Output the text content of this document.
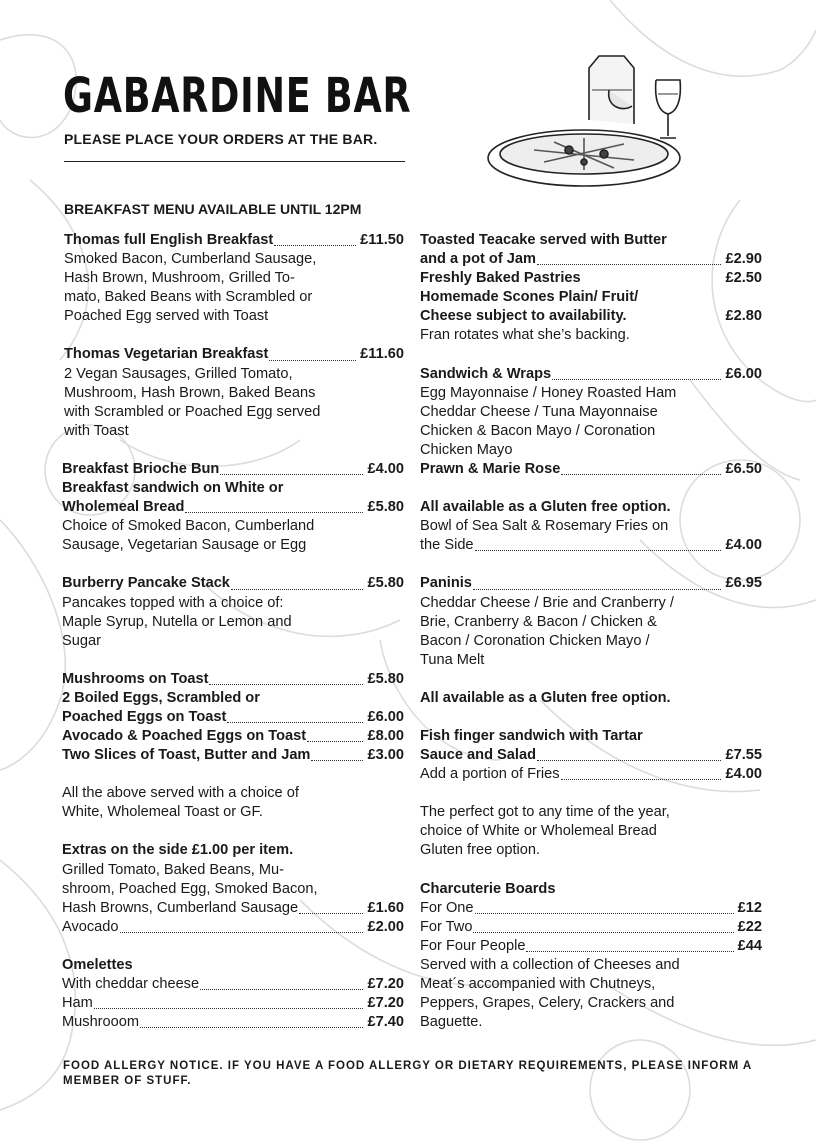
GABARDINE BAR
PLEASE PLACE YOUR ORDERS AT THE BAR.
BREAKFAST MENU AVAILABLE UNTIL 12PM
Thomas full English Breakfast	£11.50
Smoked Bacon, Cumberland Sausage,
Hash Brown, Mushroom, Grilled To-
mato, Baked Beans with Scrambled or
Poached Egg served with Toast
Thomas Vegetarian Breakfast	£11.60
2 Vegan Sausages, Grilled Tomato,
Mushroom, Hash Brown, Baked Beans
with Scrambled or Poached Egg served
with Toast
Breakfast Brioche Bun	£4.00
Breakfast sandwich on White or
Wholemeal Bread	£5.80
Choice of Smoked Bacon, Cumberland
Sausage, Vegetarian Sausage or Egg
Burberry Pancake Stack	£5.80
Pancakes topped with a choice of:
Maple Syrup, Nutella or Lemon and
Sugar
Mushrooms on Toast	£5.80
2 Boiled Eggs, Scrambled or
Poached Eggs on Toast	£6.00
Avocado & Poached Eggs on Toast	£8.00
Two Slices of Toast, Butter and Jam	£3.00
All the above served with a choice of
White, Wholemeal Toast or GF.
Extras on the side £1.00 per item.
Grilled Tomato, Baked Beans, Mu-
shroom, Poached Egg, Smoked Bacon,
Hash Browns, Cumberland Sausage	£1.60
Avocado	£2.00
Omelettes
With cheddar cheese	£7.20
Ham	£7.20
Mushrooom	£7.40
Toasted Teacake served with Butter
and a pot of Jam	£2.90
Freshly Baked Pastries	£2.50
Homemade Scones Plain/ Fruit/
Cheese subject to availability.	£2.80
Fran rotates what she’s backing.
Sandwich & Wraps	£6.00
Egg Mayonnaise / Honey Roasted Ham
Cheddar Cheese / Tuna Mayonnaise
Chicken & Bacon Mayo / Coronation
Chicken Mayo
Prawn & Marie Rose	£6.50
All available as a Gluten free option.
Bowl of Sea Salt & Rosemary Fries on
the Side	£4.00
Paninis	£6.95
Cheddar Cheese / Brie and Cranberry /
Brie, Cranberry & Bacon / Chicken &
Bacon / Coronation Chicken Mayo /
Tuna Melt
All available as a Gluten free option.
Fish finger sandwich with Tartar
Sauce and Salad	£7.55
Add a portion of Fries	£4.00
The perfect got to any time of the year,
choice of White or Wholemeal Bread
Gluten free option.
Charcuterie Boards
For One	£12
For Two	£22
For Four People	£44
Served with a collection of Cheeses and
Meat´s accompanied with Chutneys,
Peppers, Grapes, Celery, Crackers and
Baguette.
FOOD ALLERGY NOTICE. IF YOU HAVE A FOOD ALLERGY OR DIETARY REQUIREMENTS, PLEASE INFORM A MEMBER OF STUFF.
